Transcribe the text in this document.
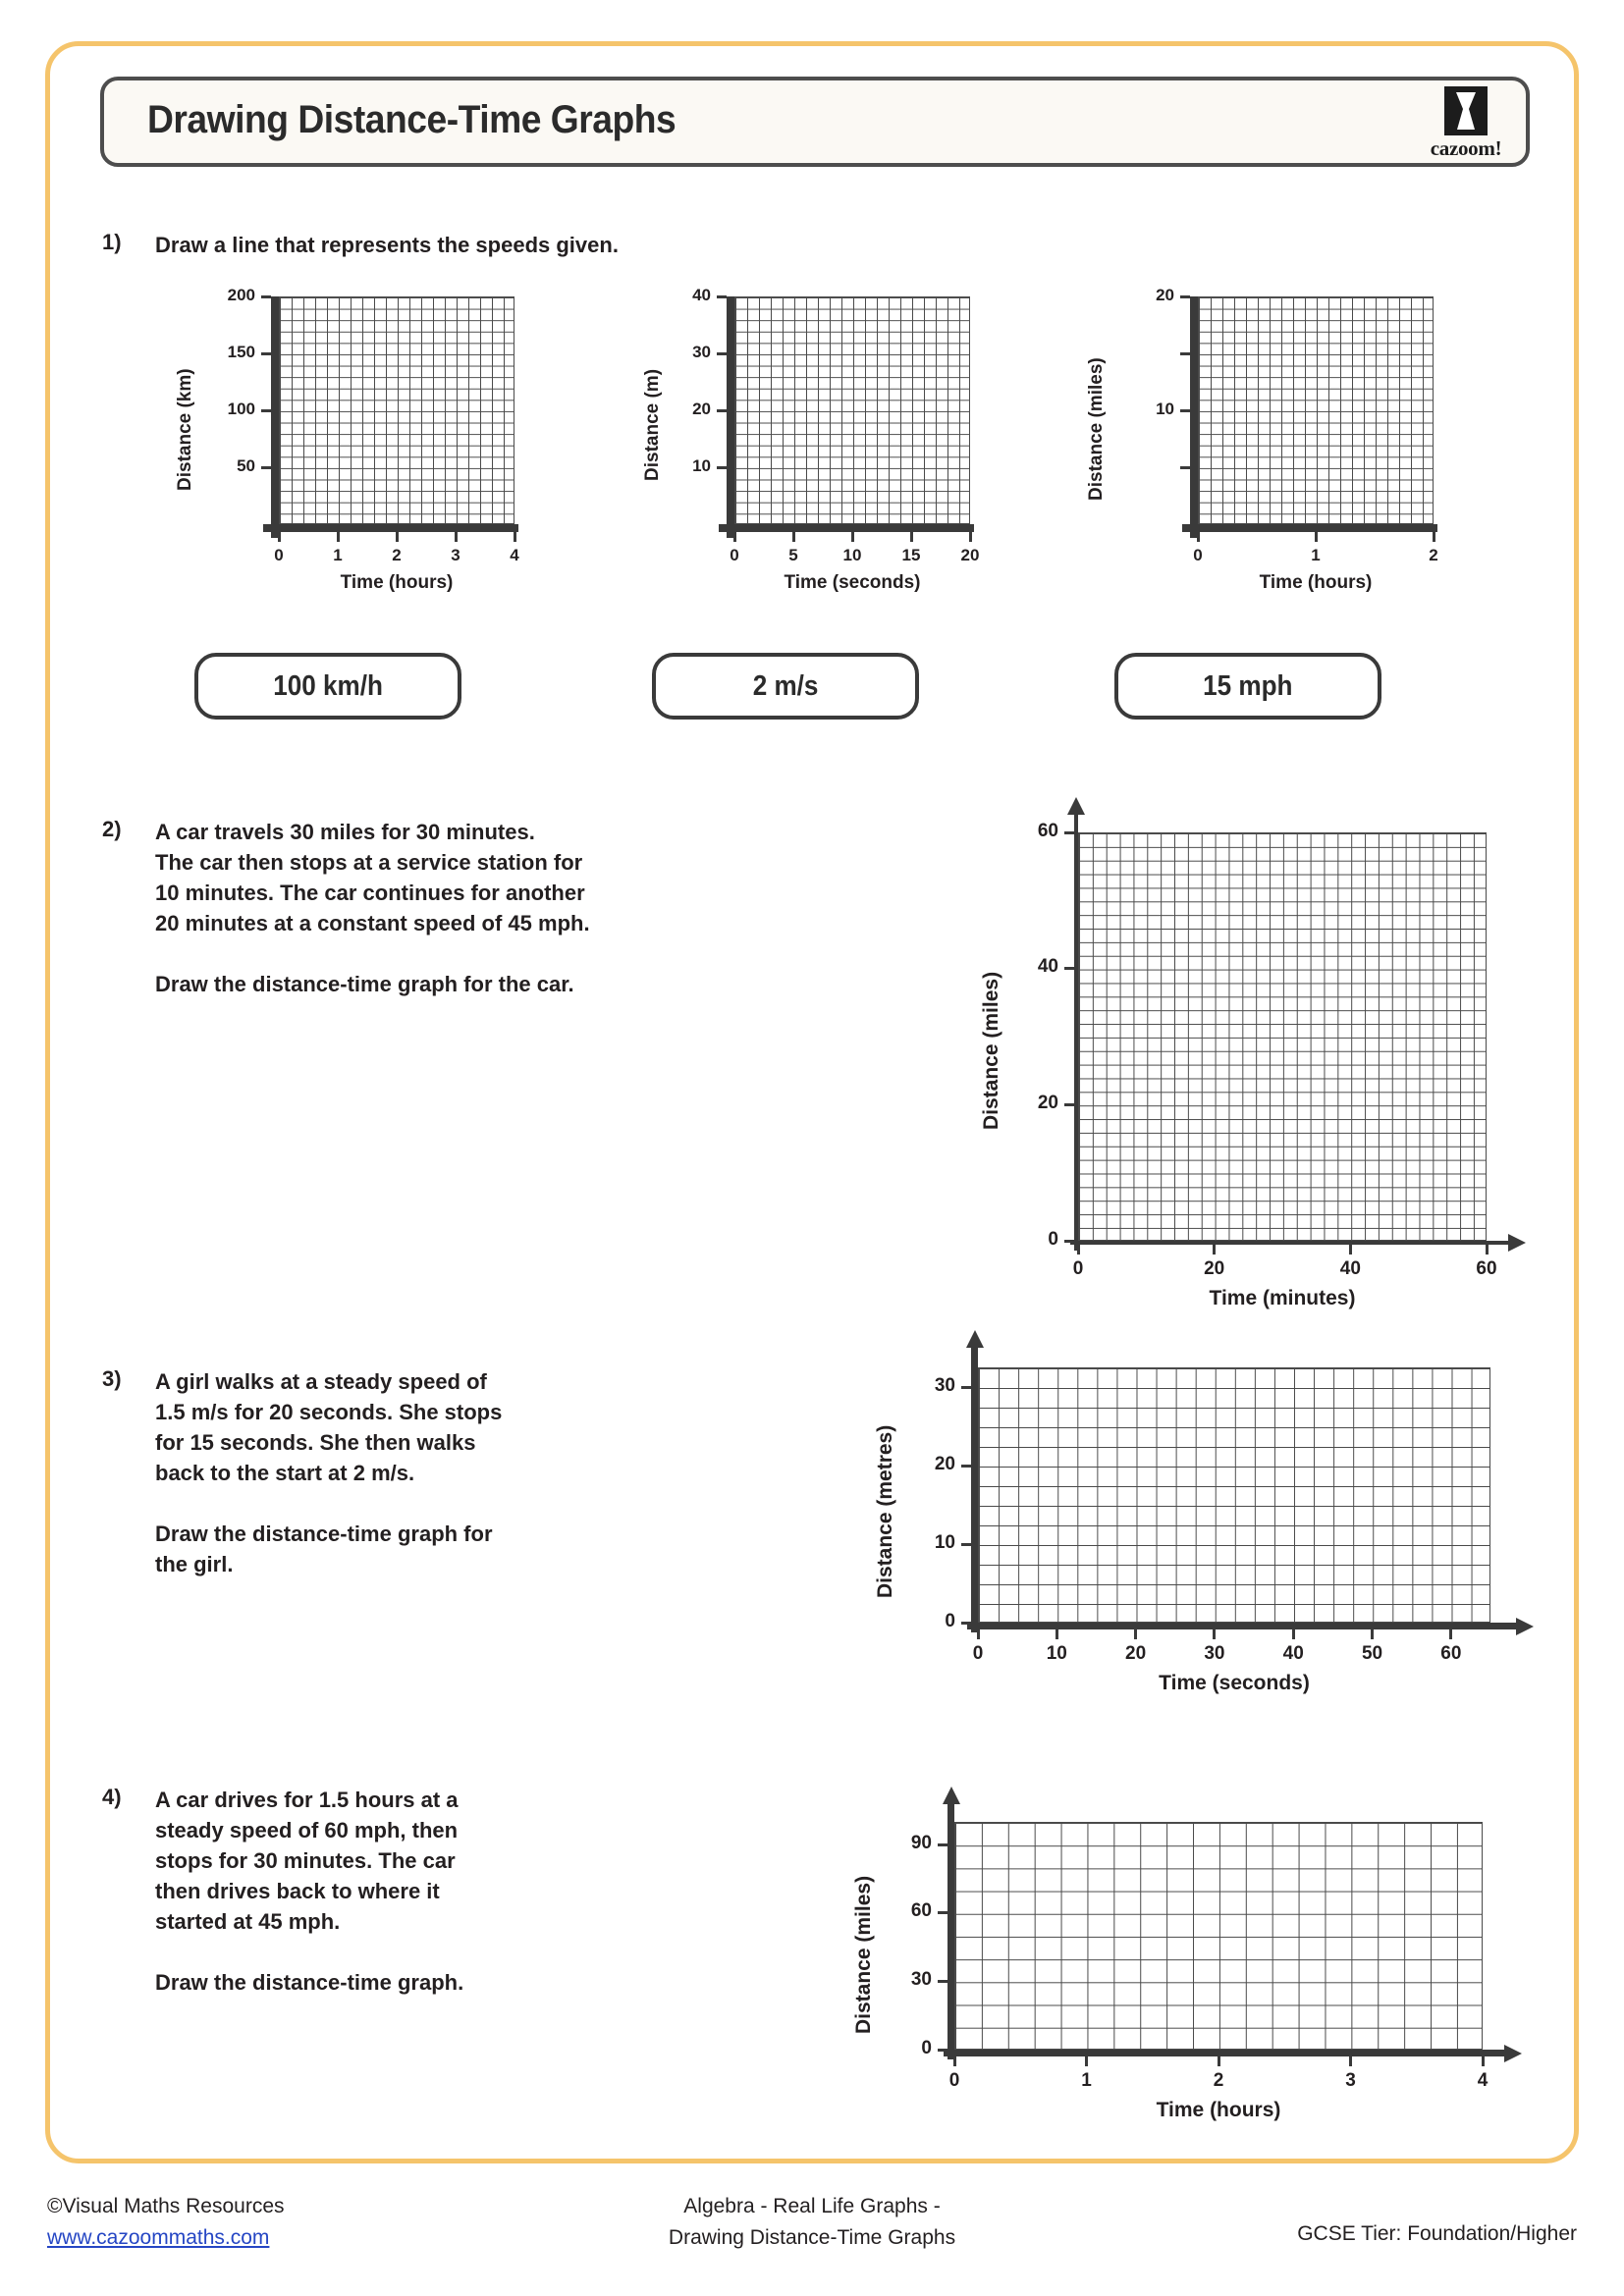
Drawing Distance-Time Graphs
cazoom!
1) Draw a line that represents the speeds given.

0	1	2	3	4
50
100
150
200
Time (hours)
Distance (km)
0	5	10	15	20
10
20
30
40
Time (seconds)
Distance (m)
0	1	2
10
20
Time (hours)
Distance (miles)
100 km/h	2 m/s	15 mph
2) A car travels 30 miles for 30 minutes.

The car then stops at a service station for

10 minutes. The car continues for another

20 minutes at a constant speed of 45 mph.

Draw the distance-time graph for the car.

0	20	40	60
0
20
40
60
Time (minutes)
Distance (miles)
3) A girl walks at a steady speed of

1.5 m/s for 20 seconds. She stops

for 15 seconds. She then walks

back to the start at 2 m/s.

Draw the distance-time graph for

the girl.

0	10	20	30	40	50	60
0
10
20
30
Time (seconds)
Distance (metres)
4) A car drives for 1.5 hours at a

steady speed of 60 mph, then

stops for 30 minutes. The car

then drives back to where it

started at 45 mph.

Draw the distance-time graph.

0	1	2	3	4
0
30
60
90
Time (hours)
Distance (miles)
©Visual Maths Resources
www.cazoommaths.com
Algebra - Real Life Graphs -
Drawing Distance-Time Graphs	GCSE Tier: Foundation/Higher
